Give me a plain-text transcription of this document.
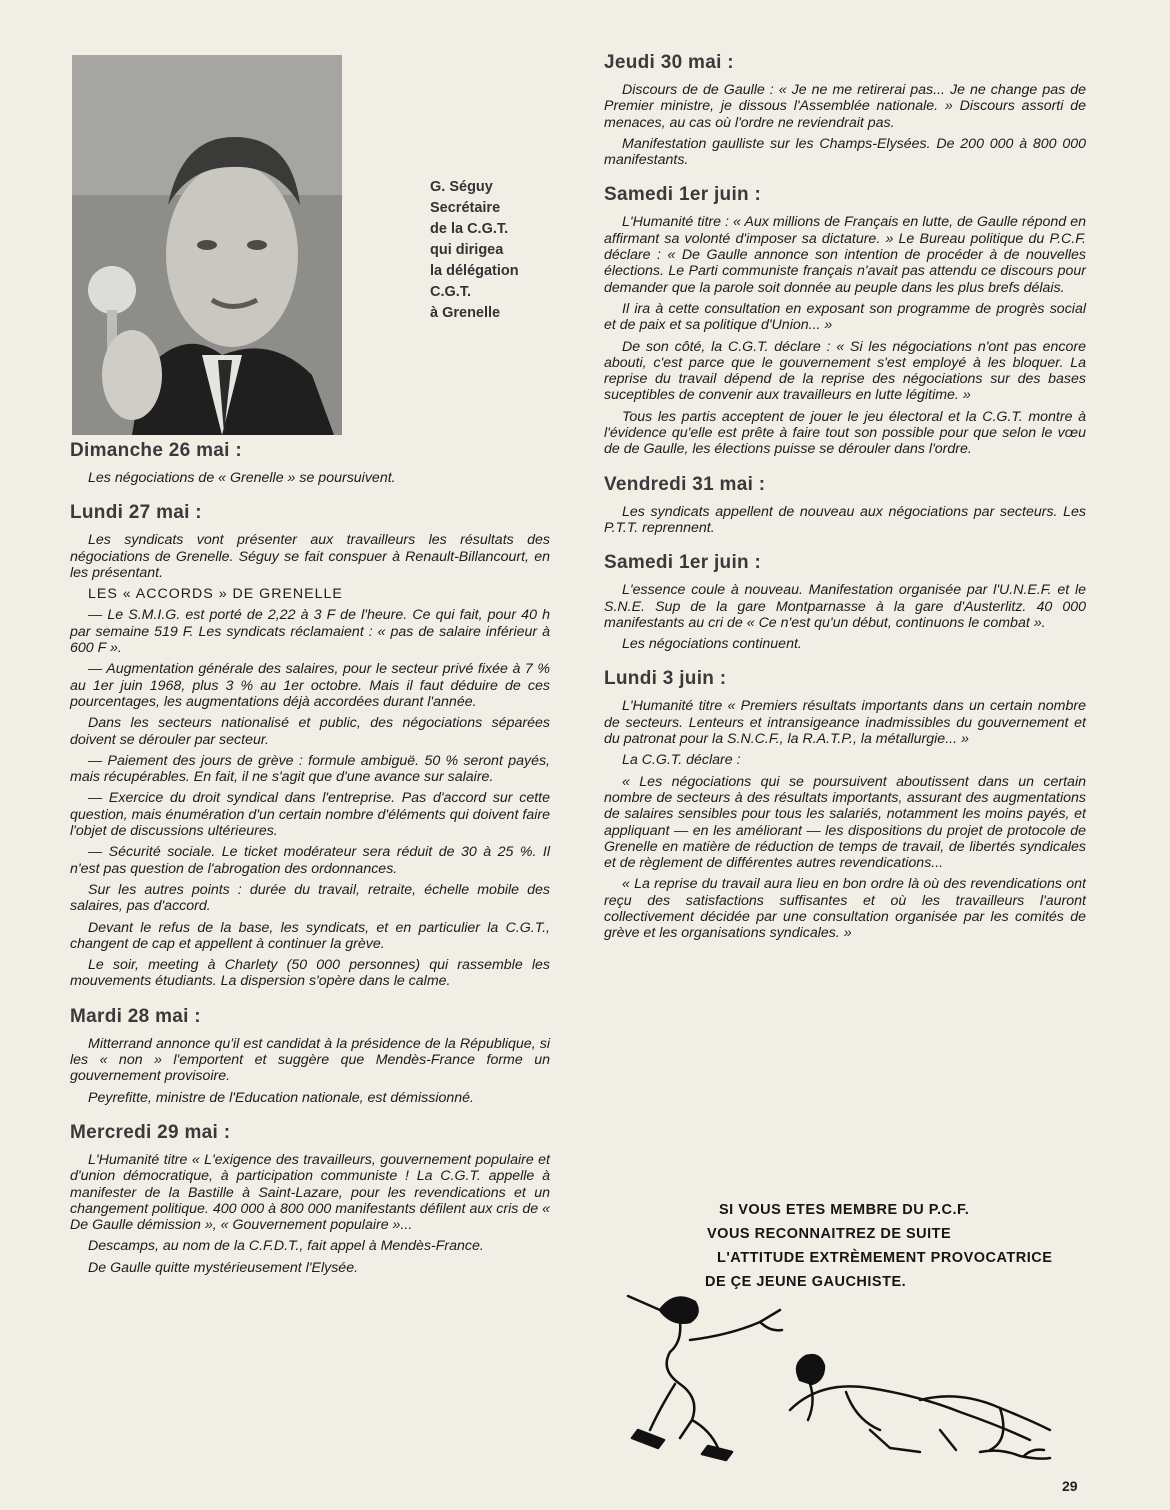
G. Séguy
Secrétaire
de la C.G.T.
qui dirigea
la délégation
C.G.T.
à Grenelle
Dimanche 26 mai :

Les négociations de « Grenelle » se poursuivent.

Lundi 27 mai :

Les syndicats vont présenter aux travailleurs les résultats des négociations de Grenelle. Séguy se fait conspuer à Renault-Billancourt, en les présentant.

LES « ACCORDS » DE GRENELLE

— Le S.M.I.G. est porté de 2,22 à 3 F de l'heure. Ce qui fait, pour 40 h par semaine 519 F. Les syndicats réclamaient : « pas de salaire inférieur à 600 F ».

— Augmentation générale des salaires, pour le secteur privé fixée à 7 % au 1er juin 1968, plus 3 % au 1er octobre. Mais il faut déduire de ces pourcentages, les augmentations déjà accordées durant l'année.

Dans les secteurs nationalisé et public, des négociations séparées doivent se dérouler par secteur.

— Paiement des jours de grève : formule ambiguë. 50 % seront payés, mais récupérables. En fait, il ne s'agit que d'une avance sur salaire.

— Exercice du droit syndical dans l'entreprise. Pas d'accord sur cette question, mais énumération d'un certain nombre d'éléments qui doivent faire l'objet de discussions ultérieures.

— Sécurité sociale. Le ticket modérateur sera réduit de 30 à 25 %. Il n'est pas question de l'abrogation des ordonnances.

Sur les autres points : durée du travail, retraite, échelle mobile des salaires, pas d'accord.

Devant le refus de la base, les syndicats, et en particulier la C.G.T., changent de cap et appellent à continuer la grève.

Le soir, meeting à Charlety (50 000 personnes) qui rassemble les mouvements étudiants. La dispersion s'opère dans le calme.

Mardi 28 mai :

Mitterrand annonce qu'il est candidat à la présidence de la République, si les « non » l'emportent et suggère que Mendès-France forme un gouvernement provisoire.

Peyrefitte, ministre de l'Education nationale, est démissionné.

Mercredi 29 mai :

L'Humanité titre « L'exigence des travailleurs, gouvernement populaire et d'union démocratique, à participation communiste ! La C.G.T. appelle à manifester de la Bastille à Saint-Lazare, pour les revendications et un changement politique. 400 000 à 800 000 manifestants défilent aux cris de « De Gaulle démission », « Gouvernement populaire »...

Descamps, au nom de la C.F.D.T., fait appel à Mendès-France.

De Gaulle quitte mystérieusement l'Elysée.

Jeudi 30 mai :

Discours de de Gaulle : « Je ne me retirerai pas... Je ne change pas de Premier ministre, je dissous l'Assemblée nationale. » Discours assorti de menaces, au cas où l'ordre ne reviendrait pas.

Manifestation gaulliste sur les Champs-Elysées. De 200 000 à 800 000 manifestants.

Samedi 1er juin :

L'Humanité titre : « Aux millions de Français en lutte, de Gaulle répond en affirmant sa volonté d'imposer sa dictature. » Le Bureau politique du P.C.F. déclare : « De Gaulle annonce son intention de procéder à de nouvelles élections. Le Parti communiste français n'avait pas attendu ce discours pour demander que la parole soit donnée au peuple dans les plus brefs délais.

Il ira à cette consultation en exposant son programme de progrès social et de paix et sa politique d'Union... »

De son côté, la C.G.T. déclare : « Si les négociations n'ont pas encore abouti, c'est parce que le gouvernement s'est employé à les bloquer. La reprise du travail dépend de la reprise des négociations sur des bases suceptibles de convenir aux travailleurs en lutte légitime. »

Tous les partis acceptent de jouer le jeu électoral et la C.G.T. montre à l'évidence qu'elle est prête à faire tout son possible pour que selon le vœu de de Gaulle, les élections puisse se dérouler dans l'ordre.

Vendredi 31 mai :

Les syndicats appellent de nouveau aux négociations par secteurs. Les P.T.T. reprennent.

Samedi 1er juin :

L'essence coule à nouveau. Manifestation organisée par l'U.N.E.F. et le S.N.E. Sup de la gare Montparnasse à la gare d'Austerlitz. 40 000 manifestants au cri de « Ce n'est qu'un début, continuons le combat ».

Les négociations continuent.

Lundi 3 juin :

L'Humanité titre « Premiers résultats importants dans un certain nombre de secteurs. Lenteurs et intransigeance inadmissibles du gouvernement et du patronat pour la S.N.C.F., la R.A.T.P., la métallurgie... »

La C.G.T. déclare :

« Les négociations qui se poursuivent aboutissent dans un certain nombre de secteurs à des résultats importants, assurant des augmentations de salaires sensibles pour tous les salariés, notamment les moins payés, et appliquant — en les améliorant — les dispositions du projet de protocole de Grenelle en matière de réduction de temps de travail, de libertés syndicales et de règlement de différentes autres revendications...

« La reprise du travail aura lieu en bon ordre là où des revendications ont reçu des satisfactions suffisantes et où les travailleurs l'auront collectivement décidée par une consultation organisée par les comités de grève et les organisations syndicales. »

SI VOUS ETES MEMBRE DU P.C.F.
VOUS RECONNAITREZ DE SUITE
L'ATTITUDE EXTRÈMEMENT PROVOCATRICE
DE ÇE JEUNE GAUCHISTE.
29
